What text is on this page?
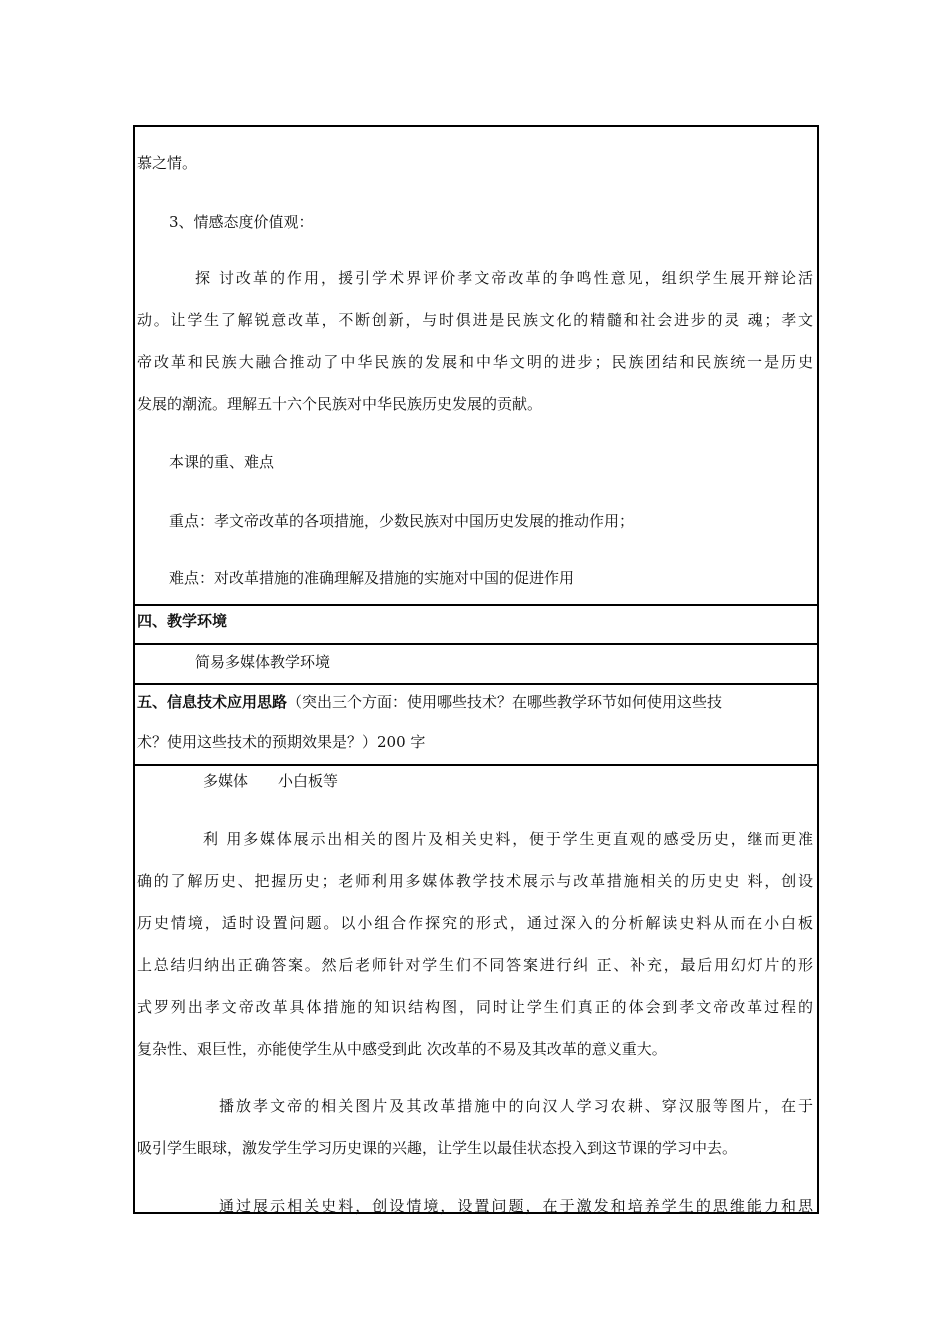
慕之情。
3、情感态度价值观：
探 讨改革的作用，援引学术界评价孝文帝改革的争鸣性意见，组织学生展开辩论活
动。让学生了解锐意改革，不断创新，与时俱进是民族文化的精髓和社会进步的灵 魂；孝文
帝改革和民族大融合推动了中华民族的发展和中华文明的进步；民族团结和民族统一是历史
发展的潮流。理解五十六个民族对中华民族历史发展的贡献。
本课的重、难点
重点：孝文帝改革的各项措施，少数民族对中国历史发展的推动作用；
难点：对改革措施的准确理解及措施的实施对中国的促进作用
四、教学环境
简易多媒体教学环境
五、信息技术应用思路（突出三个方面：使用哪些技术？在哪些教学环节如何使用这些技
术？使用这些技术的预期效果是？）200 字
多媒体　　小白板等
利 用多媒体展示出相关的图片及相关史料，便于学生更直观的感受历史，继而更准
确的了解历史、把握历史；老师利用多媒体教学技术展示与改革措施相关的历史史 料，创设
历史情境，适时设置问题。以小组合作探究的形式，通过深入的分析解读史料从而在小白板
上总结归纳出正确答案。然后老师针对学生们不同答案进行纠 正、补充，最后用幻灯片的形
式罗列出孝文帝改革具体措施的知识结构图，同时让学生们真正的体会到孝文帝改革过程的
复杂性、艰巨性，亦能使学生从中感受到此 次改革的不易及其改革的意义重大。
播放孝文帝的相关图片及其改革措施中的向汉人学习农耕、穿汉服等图片，在于
吸引学生眼球，激发学生学习历史课的兴趣，让学生以最佳状态投入到这节课的学习中去。
通过展示相关史料，创设情境，设置问题，在于激发和培养学生的思维能力和思
